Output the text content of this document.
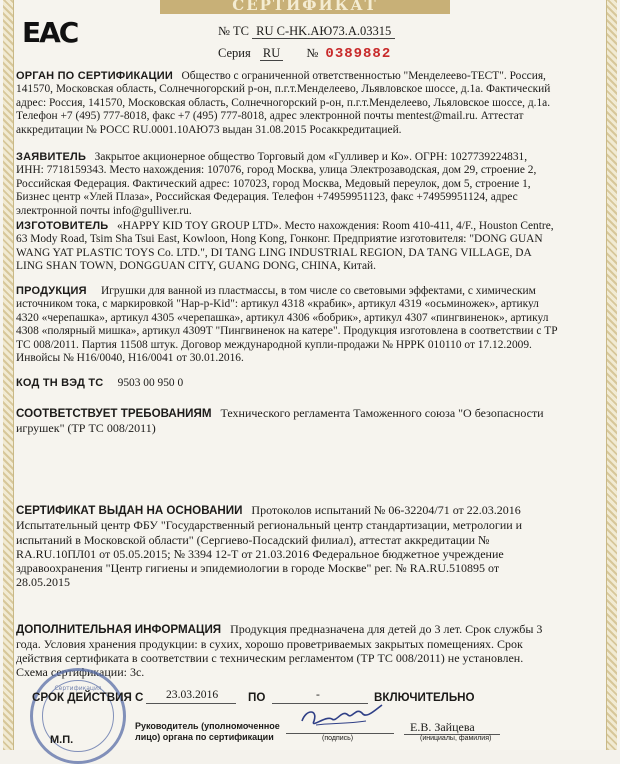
СЕРТИФИКАТ
EAC	№ ТС RU C-HK.АЮ73.А.03315
Серия RU № 0389882
ОРГАН ПО СЕРТИФИКАЦИИ Общество с ограниченной ответственностью "Менделеево-ТЕСТ". Россия,
141570, Московская область, Солнечногорский р-он, п.г.т.Менделеево, Льявловское шоссе, д.1а. Фактический
адрес: Россия, 141570, Московская область, Солнечногорский р-он, п.г.т.Менделеево, Льяловское шоссе, д.1а.
Телефон +7 (495) 777-8018, факс +7 (495) 777-8018, адрес электронной почты mentest@mail.ru. Аттестат
аккредитации № РОСС RU.0001.10АЮ73 выдан 31.08.2015 Росаккредитацией.
ЗАЯВИТЕЛЬ Закрытое акционерное общество Торговый дом «Гулливер и Ко». ОГРН: 1027739224831,
ИНН: 7718159343. Место нахождения: 107076, город Москва, улица Электрозаводская, дом 29, строение 2,
Российская Федерация. Фактический адрес: 107023, город Москва, Медовый переулок, дом 5, строение 1,
Бизнес центр «Улей Плаза», Российская Федерация. Телефон +74959951123, факс +74959951124, адрес
электронной почты info@gulliver.ru.
ИЗГОТОВИТЕЛЬ «HAPPY KID TOY GROUP LTD». Место нахождения: Room 410-411, 4/F., Houston Centre,
63 Mody Road, Tsim Sha Tsui East, Kowloon, Hong Kong, Гонконг. Предприятие изготовителя: "DONG GUAN
WANG YAT PLASTIC TOYS Co. LTD.", DI TANG LING INDUSTRIAL REGION, DA TANG VILLAGE, DA
LING SHAN TOWN, DONGGUAN CITY, GUANG DONG, CHINA, Китай.
ПРОДУКЦИЯ Игрушки для ванной из пластмассы, в том числе со световыми эффектами, с химическим
источником тока, с маркировкой "Hap-p-Kid": артикул 4318 «крабик», артикул 4319 «осьминожек», артикул
4320 «черепашка», артикул 4305 «черепашка», артикул 4306 «бобрик», артикул 4307 «пингвиненок», артикул
4308 «полярный мишка», артикул 4309Т "Пингвиненок на катере". Продукция изготовлена в соответствии с ТР
ТС 008/2011. Партия 11508 штук. Договор международной купли-продажи № HPPK 010110 от 17.12.2009.
Инвойсы № H16/0040, H16/0041 от 30.01.2016.
КОД ТН ВЭД ТС 9503 00 950 0
СООТВЕТСТВУЕТ ТРЕБОВАНИЯМ Технического регламента Таможенного союза "О безопасности
игрушек" (ТР ТС 008/2011)
СЕРТИФИКАТ ВЫДАН НА ОСНОВАНИИ Протоколов испытаний № 06-32204/71 от 22.03.2016
Испытательный центр ФБУ "Государственный региональный центр стандартизации, метрологии и
испытаний в Московской области" (Сергиево-Посадский филиал), аттестат аккредитации №
RA.RU.10ПЛ01 от 05.05.2015; № 3394 12-Т от 21.03.2016 Федеральное бюджетное учреждение
здравоохранения "Центр гигиены и эпидемиологии в городе Москве" рег. № RA.RU.510895 от
28.05.2015
ДОПОЛНИТЕЛЬНАЯ ИНФОРМАЦИЯ Продукция предназначена для детей до 3 лет. Срок службы 3
года. Условия хранения продукции: в сухих, хорошо проветриваемых закрытых помещениях. Срок
действия сертификата в соответствии с техническим регламентом (ТР ТС 008/2011) не установлен.
Схема сертификации: 3с.
Сертификация
СРОК ДЕЙСТВИЯ С 23.03.2016	ПО	-	ВКЛЮЧИТЕЛЬНО
Руководитель (уполномоченное
лицо) органа по сертификации	(подпись)
Е.В. Зайцева
(инициалы, фамилия)
М.П.
